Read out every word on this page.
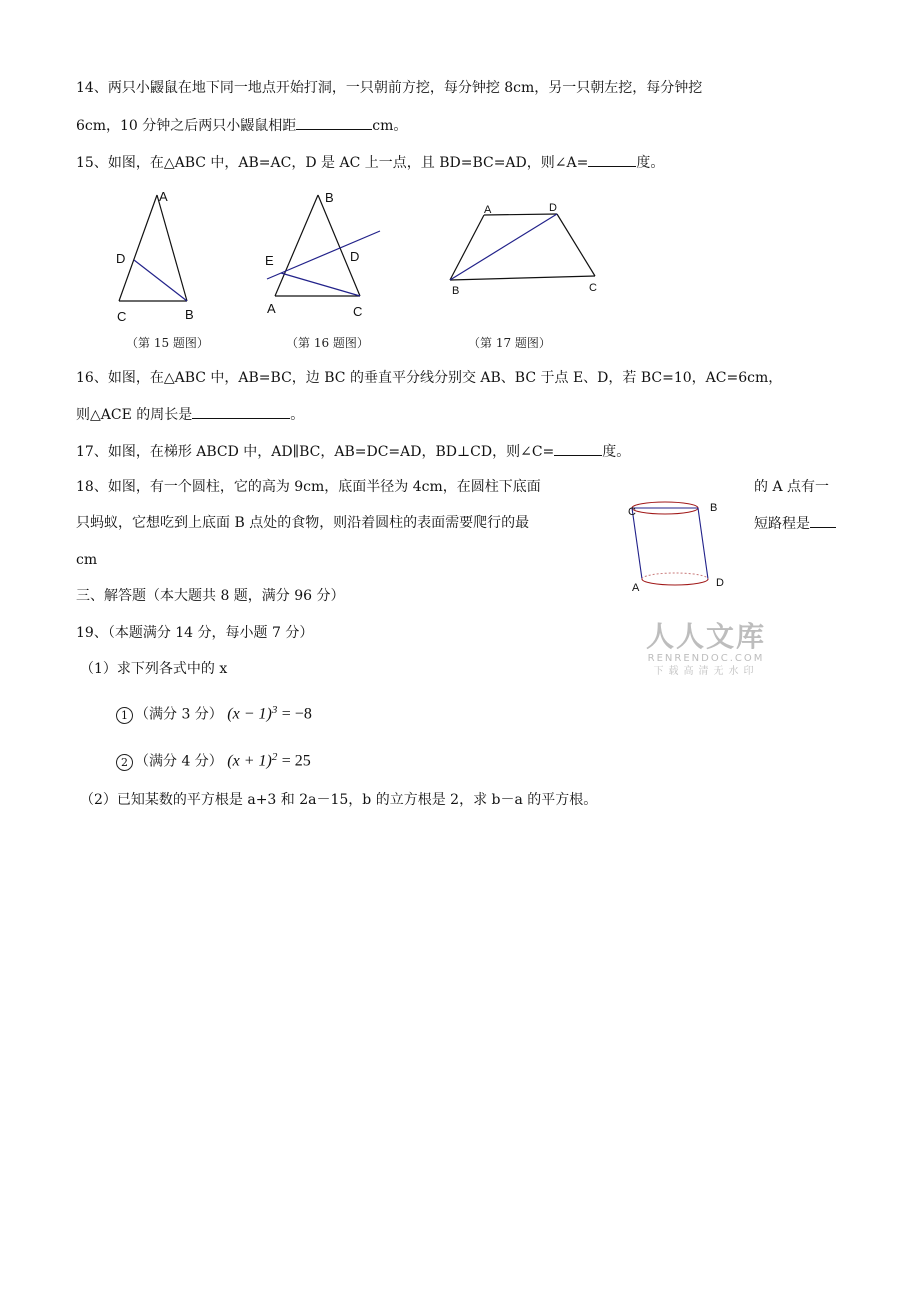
14、两只小鼹鼠在地下同一地点开始打洞，一只朝前方挖，每分钟挖 8cm，另一只朝左挖，每分钟挖
6cm，10 分钟之后两只小鼹鼠相距	cm。
15、如图，在△ABC 中，AB=AC，D 是 AC 上一点，且 BD=BC=AD，则∠A=	度。
A
D
B
C
（第 15 题图）
B
E	D
A	C
（第 16 题图）
A	D
B	C
（第 17 题图）
16、如图，在△ABC 中，AB=BC，边 BC 的垂直平分线分别交 AB、BC 于点 E、D，若 BC=10，AC=6cm，
则△ACE 的周长是	。
17、如图，在梯形 ABCD 中，AD∥BC，AB=DC=AD，BD⊥CD，则∠C=	度。
18、如图，有一个圆柱，它的高为 9cm，底面半径为 4cm，在圆柱下底面	的 A 点有一
只蚂蚁，它想吃到上底面 B 点处的食物，则沿着圆柱的表面需要爬行的最	短路程是
cm
C	B
A	D
三、解答题（本大题共 8 题，满分 96 分）
19、（本题满分 14 分，每小题 7 分）
（1）求下列各式中的 x
1 （满分 3 分） $(x - 1)^3 = -8$
2 （满分 4 分） $(x + 1)^2 = 25$
（2）已知某数的平方根是 a+3 和 2a－15，b 的立方根是 2，求 b－a 的平方根。
人人文库
RENRENDOC.COM
下载高清无水印
